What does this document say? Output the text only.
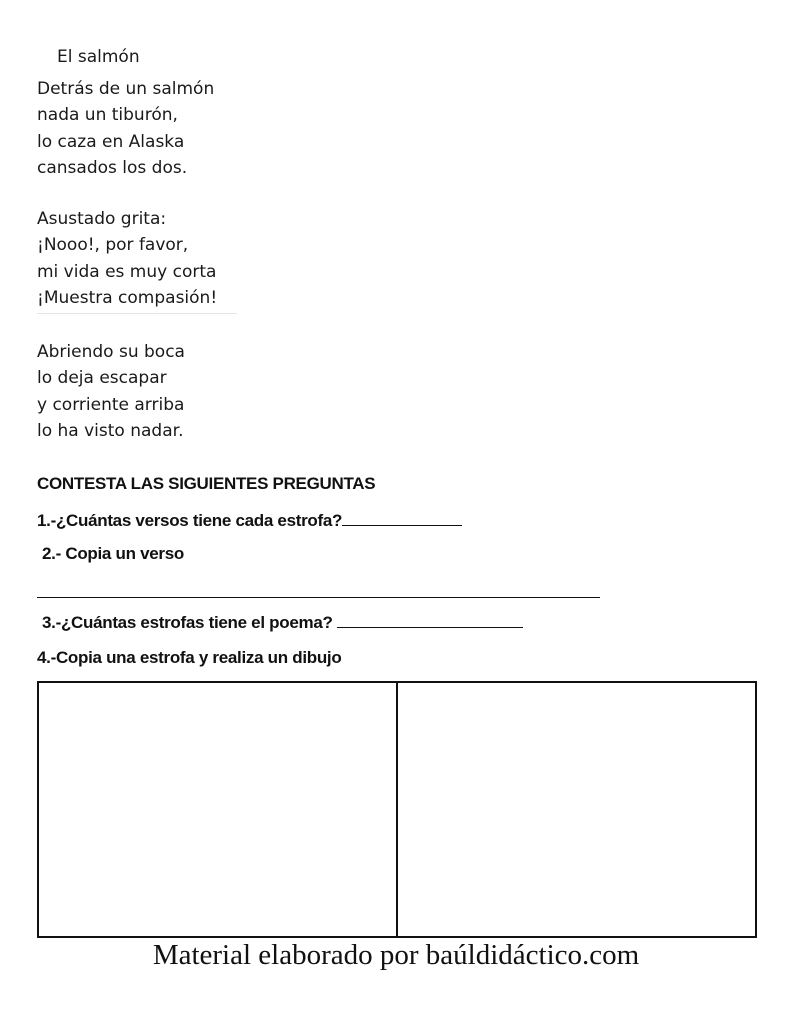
El salmón
Detrás de un salmón
nada un tiburón,
lo caza en Alaska
cansados los dos.
Asustado grita:
¡Nooo!, por favor,
mi vida es muy corta
¡Muestra compasión!
Abriendo su boca
lo deja escapar
y corriente arriba
lo ha visto nadar.
CONTESTA LAS SIGUIENTES PREGUNTAS
1.-¿Cuántas versos tiene cada estrofa?
2.- Copia un verso
3.-¿Cuántas estrofas tiene el poema?
4.-Copia una estrofa y realiza un dibujo
Material elaborado por baúldidáctico.com
